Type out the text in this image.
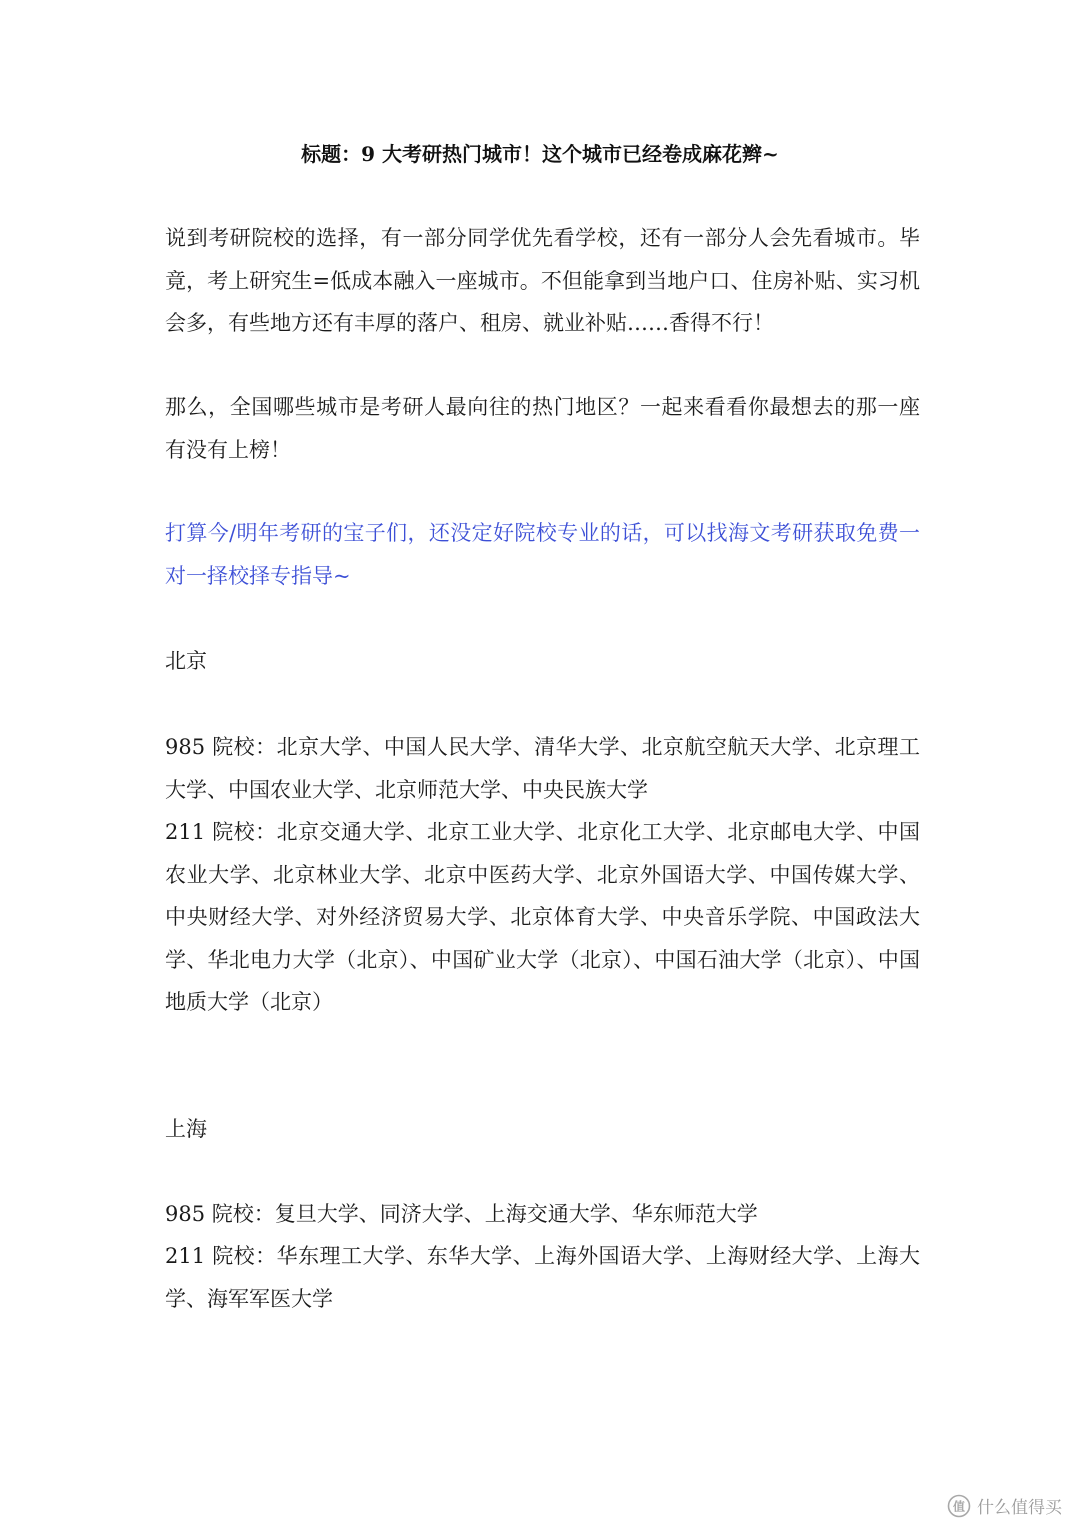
标题：9 大考研热门城市！这个城市已经卷成麻花辫~

说到考研院校的选择，有一部分同学优先看学校，还有一部分人会先看城市。毕竟，考上研究生=低成本融入一座城市。不但能拿到当地户口、住房补贴、实习机会多，有些地方还有丰厚的落户、租房、就业补贴……香得不行！

那么，全国哪些城市是考研人最向往的热门地区？一起来看看你最想去的那一座有没有上榜！

打算今/明年考研的宝子们，还没定好院校专业的话，可以找海文考研获取免费一对一择校择专指导~

北京

985 院校：北京大学、中国人民大学、清华大学、北京航空航天大学、北京理工大学、中国农业大学、北京师范大学、中央民族大学

211 院校：北京交通大学、北京工业大学、北京化工大学、北京邮电大学、中国农业大学、北京林业大学、北京中医药大学、北京外国语大学、中国传媒大学、中央财经大学、对外经济贸易大学、北京体育大学、中央音乐学院、中国政法大学、华北电力大学（北京）、中国矿业大学（北京）、中国石油大学（北京）、中国地质大学（北京）

上海

985 院校：复旦大学、同济大学、上海交通大学、华东师范大学

211 院校：华东理工大学、东华大学、上海外国语大学、上海财经大学、上海大学、海军军医大学

值 什么值得买
